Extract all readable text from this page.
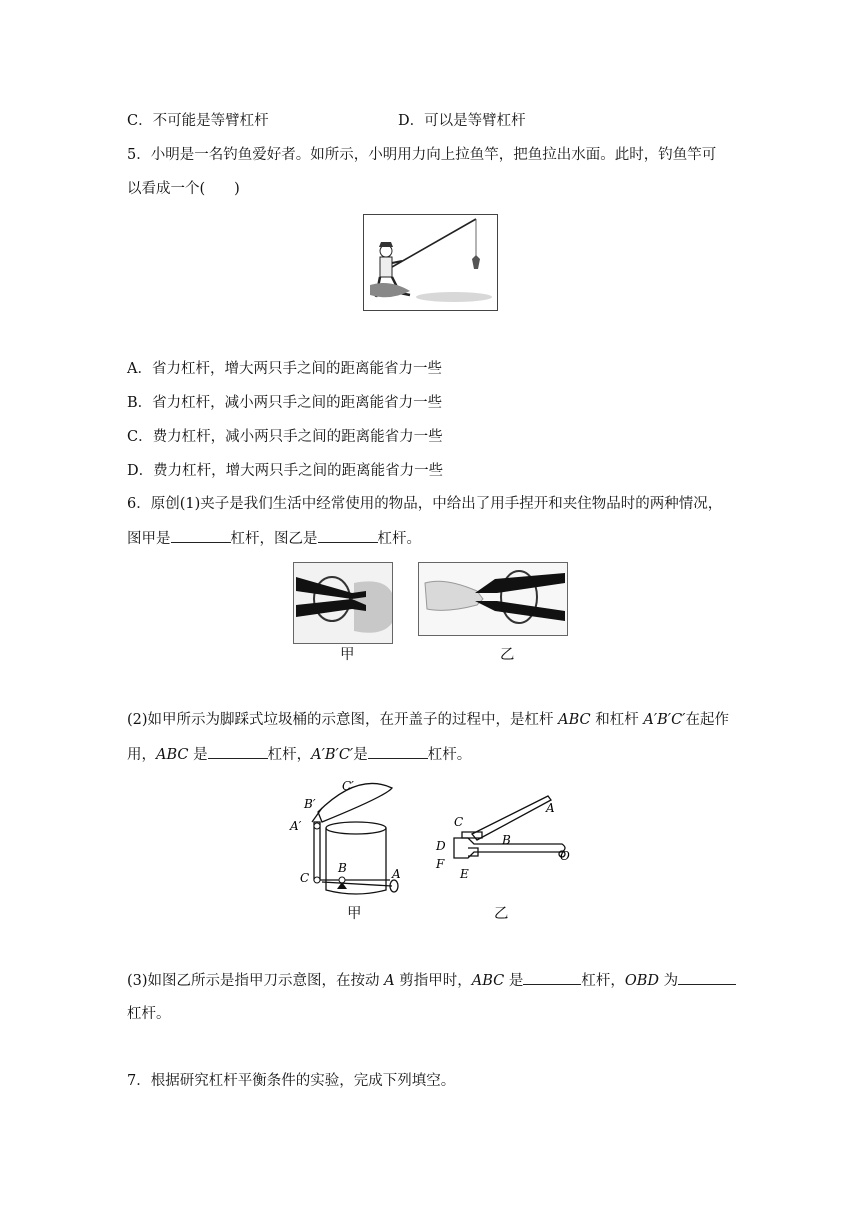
C．不可能是等臂杠杆	D．可以是等臂杠杆
5．小明是一名钓鱼爱好者。如所示，小明用力向上拉鱼竿，把鱼拉出水面。此时，钓鱼竿可
以看成一个(　　)
A．省力杠杆，增大两只手之间的距离能省力一些
B．省力杠杆，减小两只手之间的距离能省力一些
C．费力杠杆，减小两只手之间的距离能省力一些
D．费力杠杆，增大两只手之间的距离能省力一些
6．原创(1)夹子是我们生活中经常使用的物品，中给出了用手捏开和夹住物品时的两种情况，
图甲是	杠杆，图乙是	杠杆。
甲	乙
(2)如甲所示为脚踩式垃圾桶的示意图，在开盖子的过程中，是杠杆 ABC 和杠杆 A′B′C′在起作
用，ABC 是	杠杆，A′B′C′是	杠杆。
C′
B′
A′
C
B	A
甲
A
C
B
D
F
E
O
乙
(3)如图乙所示是指甲刀示意图，在按动 A 剪指甲时，ABC 是	杠杆，OBD 为
杠杆。
7．根据研究杠杆平衡条件的实验，完成下列填空。
